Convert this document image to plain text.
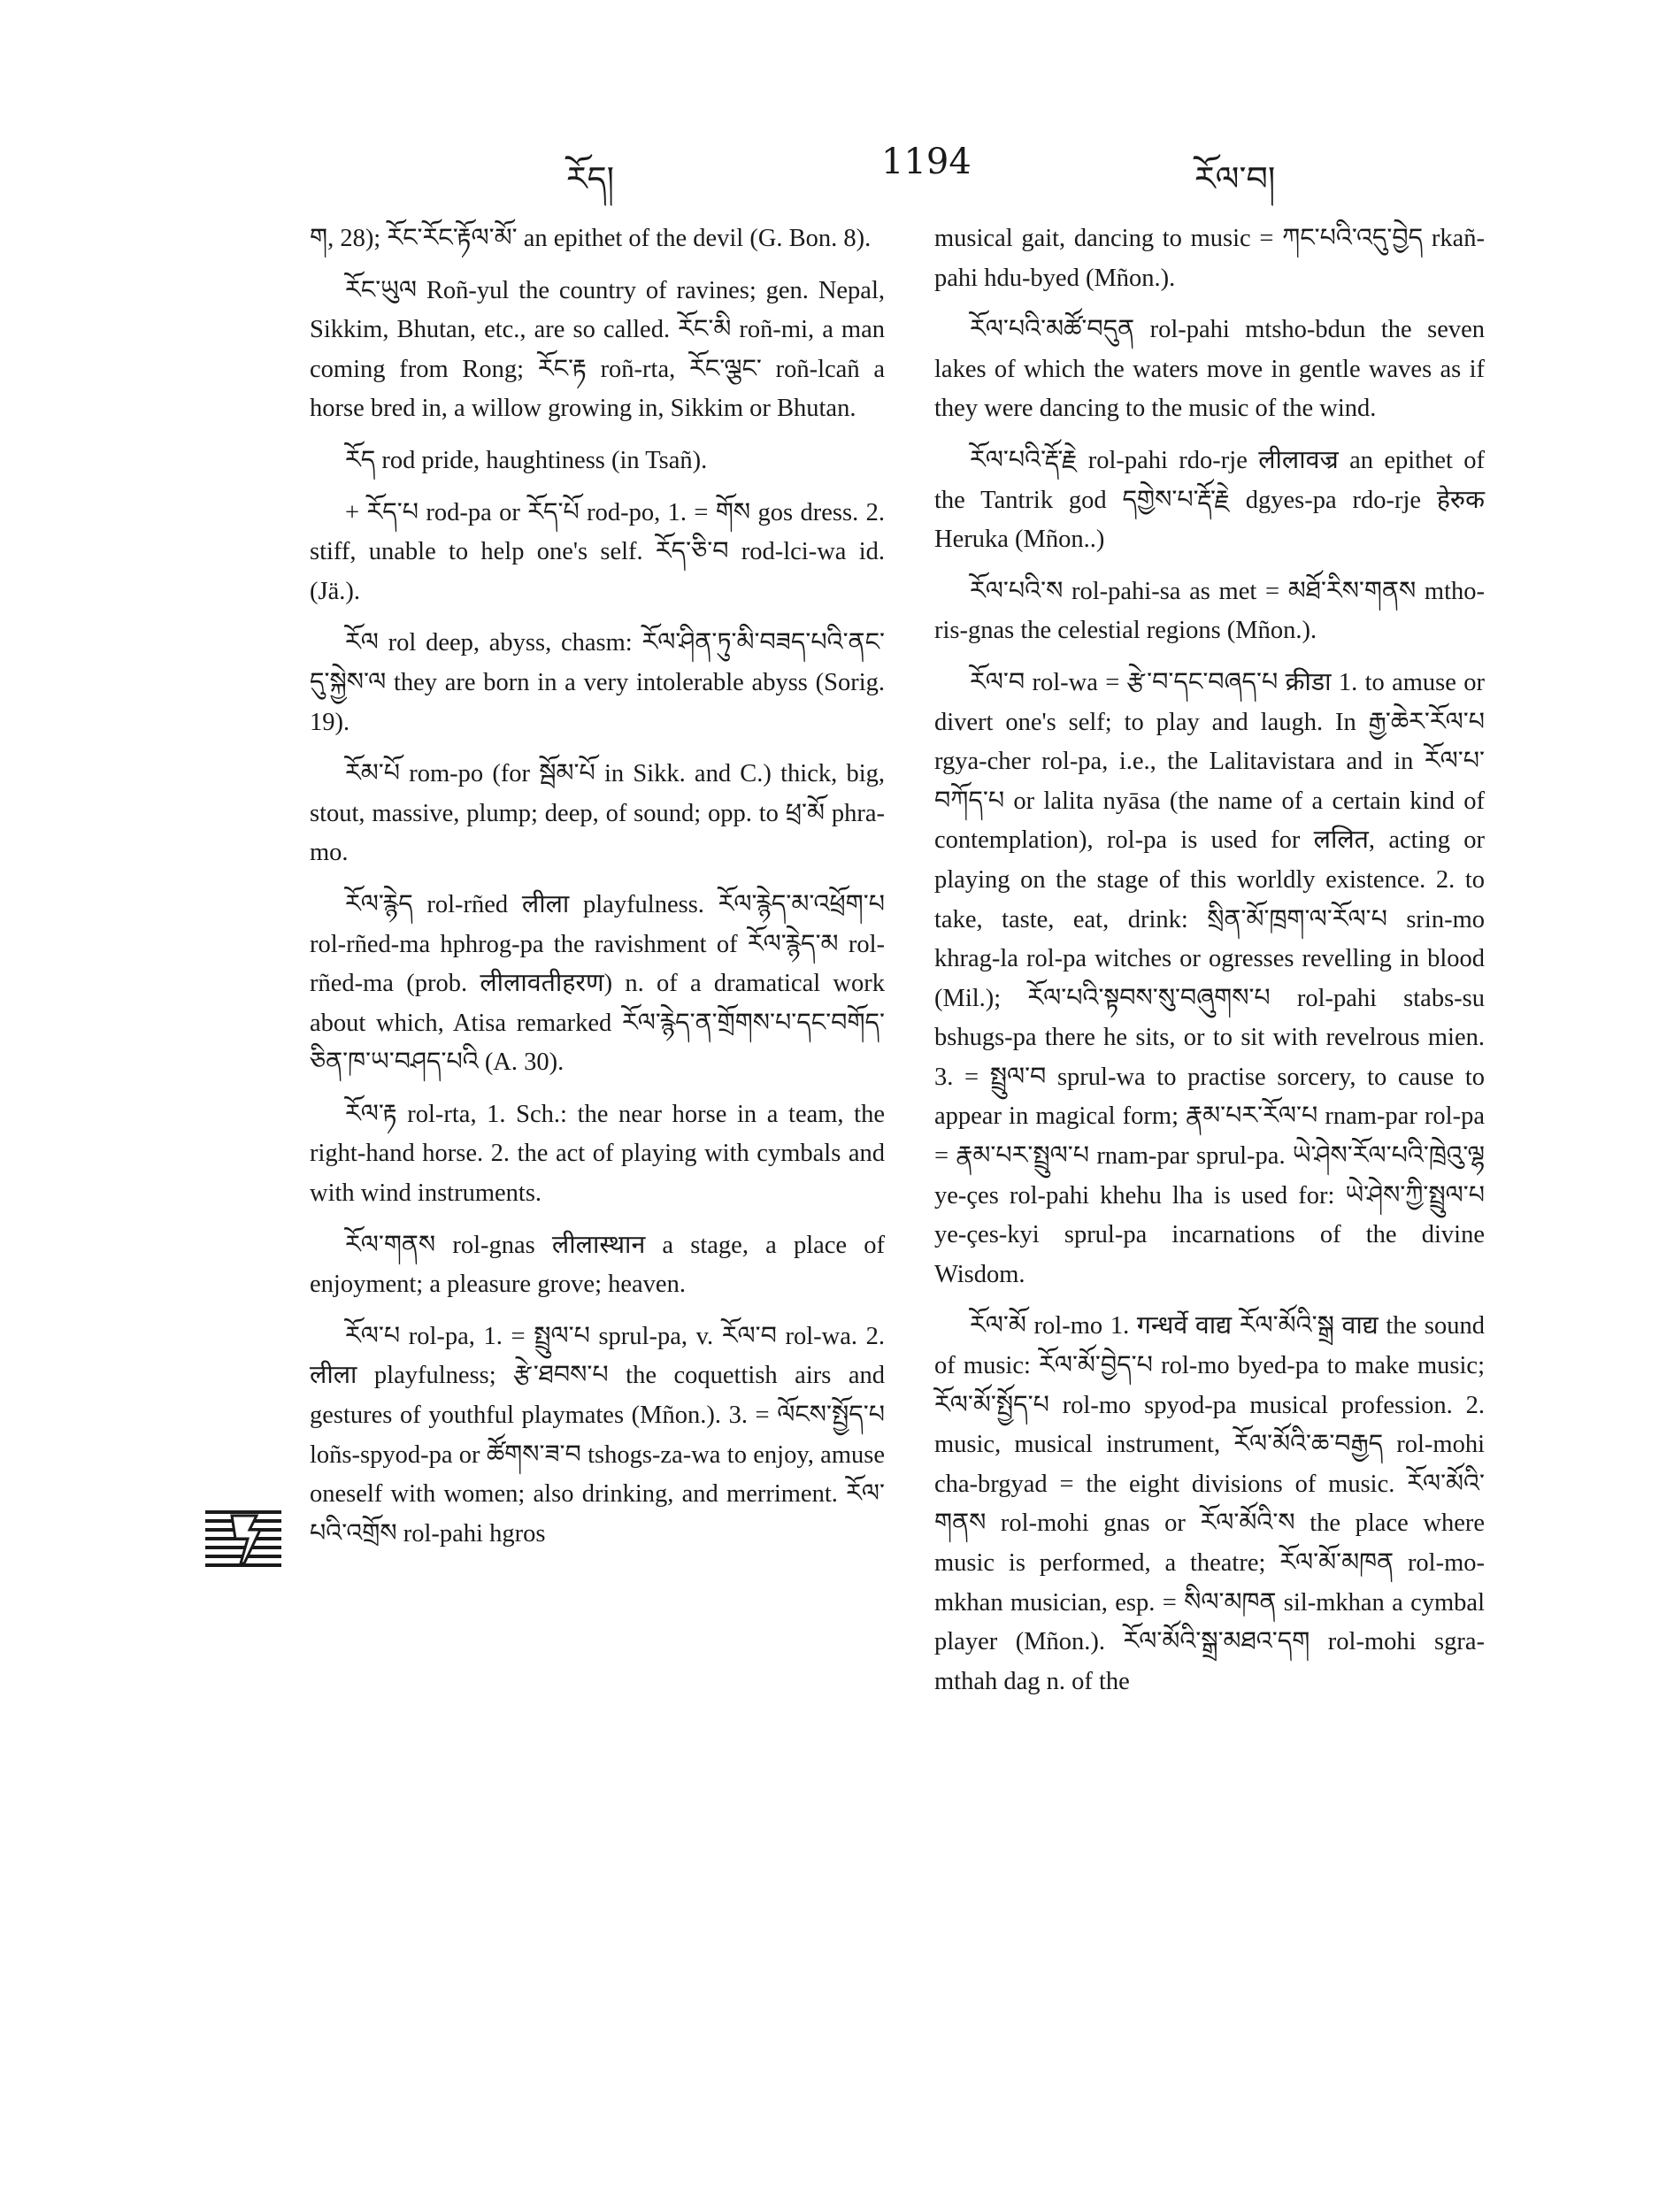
རོད།	1194	རོལ་བ།

ག, 28); རོང་རོང་རྟོལ་མོ་ an epithet of the devil (G. Bon. 8).

རོང་ཡུལ Roñ-yul the country of ravines; gen. Nepal, Sikkim, Bhutan, etc., are so called. རོང་མི roñ-mi, a man coming from Rong; རོང་རྟ roñ-rta, རོང་ལྕང་ roñ-lcañ a horse bred in, a willow growing in, Sikkim or Bhutan.

རོད rod pride, haughtiness (in Tsañ).

+ རོད་པ rod-pa or རོད་པོ rod-po, 1. = གོས gos dress. 2. stiff, unable to help one's self. རོད་ཅི་བ rod-lci-wa id. (Jä.).

རོལ rol deep, abyss, chasm: རོལ་ཤིན་ཏུ་མི་བཟད་པའི་ནང་དུ་སྐྱེས་ལ they are born in a very intolerable abyss (Sorig. 19).

རོམ་པོ rom-po (for སྦོམ་པོ in Sikk. and C.) thick, big, stout, massive, plump; deep, of sound; opp. to ཕྲ་མོ phra-mo.

རོལ་རྙེད rol-rñed लीला playfulness. རོལ་རྙེད་མ་འཕྲོག་པ rol-rñed-ma hphrog-pa the ravishment of རོལ་རྙེད་མ rol-rñed-ma (prob. लीलावतीहरण) n. of a dramatical work about which, Atisa remarked རོལ་རྙེད་ན་གྲོགས་པ་དང་བགོད་ཅིན་ཁ་ཡ་བཤད་པའི (A. 30).

རོལ་རྟ rol-rta, 1. Sch.: the near horse in a team, the right-hand horse. 2. the act of playing with cymbals and with wind instruments.

རོལ་གནས rol-gnas लीलास्थान a stage, a place of enjoyment; a pleasure grove; heaven.

རོལ་པ rol-pa, 1. = སྤྲུལ་པ sprul-pa, v. རོལ་བ rol-wa. 2. लीला playfulness; རྩེ་ཐབས་པ the coquettish airs and gestures of youthful playmates (Mñon.). 3. = ལོངས་སྤྱོད་པ loñs-spyod-pa or ཚོགས་ཟ་བ tshogs-za-wa to enjoy, amuse oneself with women; also drinking, and merriment. རོལ་པའི་འགྲོས rol-pahi hgros

musical gait, dancing to music = ཀང་པའི་འདུ་བྱེད rkañ-pahi hdu-byed (Mñon.).

རོལ་པའི་མཚོ་བདུན rol-pahi mtsho-bdun the seven lakes of which the waters move in gentle waves as if they were dancing to the music of the wind.

རོལ་པའི་རྡོ་རྗེ rol-pahi rdo-rje लीलावज्र an epithet of the Tantrik god དགྱེས་པ་རྡོ་རྗེ dgyes-pa rdo-rje हेरुक Heruka (Mñon..)

རོལ་པའི་ས rol-pahi-sa as met = མཐོ་རིས་གནས mtho-ris-gnas the celestial regions (Mñon.).

རོལ་བ rol-wa = རྩེ་བ་དང་བཞད་པ क्रीडा 1. to amuse or divert one's self; to play and laugh. In རྒྱ་ཆེར་རོལ་པ rgya-cher rol-pa, i.e., the Lalitavistara and in རོལ་པ་བཀོད་པ or lalita nyāsa (the name of a certain kind of contemplation), rol-pa is used for ललित, acting or playing on the stage of this worldly existence. 2. to take, taste, eat, drink: སྲིན་མོ་ཁྲག་ལ་རོལ་པ srin-mo khrag-la rol-pa witches or ogresses revelling in blood (Mil.); རོལ་པའི་སྟབས་སུ་བཞུགས་པ rol-pahi stabs-su bshugs-pa there he sits, or to sit with revelrous mien. 3. = སྤྲུལ་བ sprul-wa to practise sorcery, to cause to appear in magical form; རྣམ་པར་རོལ་པ rnam-par rol-pa = རྣམ་པར་སྤྲུལ་པ rnam-par sprul-pa. ཡེ་ཤེས་རོལ་པའི་ཁྲེའུ་ལྷ ye-çes rol-pahi khehu lha is used for: ཡེ་ཤེས་ཀྱི་སྤྲུལ་པ ye-çes-kyi sprul-pa incarnations of the divine Wisdom.

རོལ་མོ rol-mo 1. गन्धर्वे वाद्य རོལ་མོའི་སྒྲ वाद्य the sound of music: རོལ་མོ་བྱེད་པ rol-mo byed-pa to make music; རོལ་མོ་སྤྱོད་པ rol-mo spyod-pa musical profession. 2. music, musical instrument, རོལ་མོའི་ཆ་བརྒྱད rol-mohi cha-brgyad = the eight divisions of music. རོལ་མོའི་གནས rol-mohi gnas or རོལ་མོའི་ས the place where music is performed, a theatre; རོལ་མོ་མཁན rol-mo-mkhan musician, esp. = སིལ་མཁན sil-mkhan a cymbal player (Mñon.). རོལ་མོའི་སྒྲ་མཐའ་དག rol-mohi sgra-mthah dag n. of the
